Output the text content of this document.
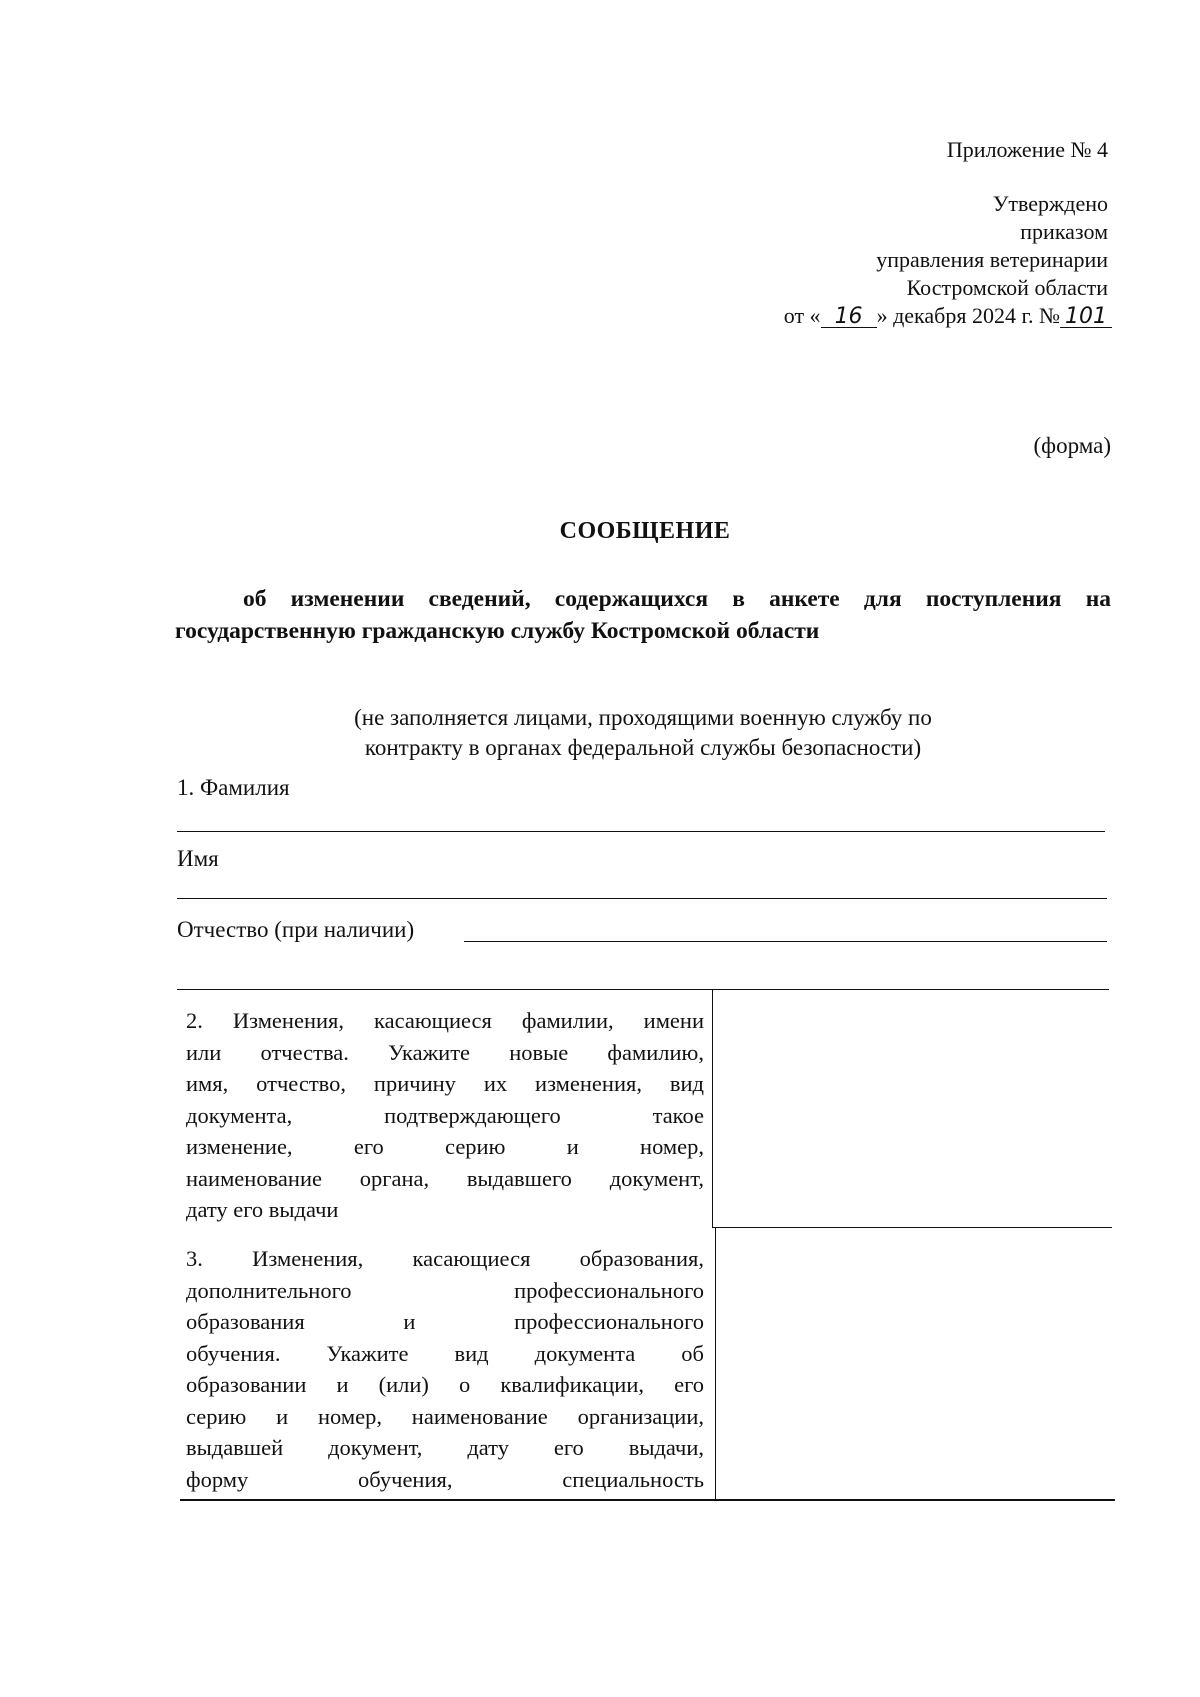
Приложение № 4
Утверждено
приказом
управления ветеринарии
Костромской области
от « 16 » декабря 2024 г. № 101
(форма)
СООБЩЕНИЕ
об изменении сведений, содержащихся в анкете для поступления на государственную гражданскую службу Костромской области
(не заполняется лицами, проходящими военную службу по
контракту в органах федеральной службы безопасности)
1. Фамилия
Имя
Отчество (при наличии)
2. Изменения, касающиеся фамилии, имени
или отчества. Укажите новые фамилию,
имя, отчество, причину их изменения, вид
документа, подтверждающего такое
изменение, его серию и номер,
наименование органа, выдавшего документ,
дату его выдачи
3. Изменения, касающиеся образования,
дополнительного профессионального
образования и профессионального
обучения. Укажите вид документа об
образовании и (или) о квалификации, его
серию и номер, наименование организации,
выдавшей документ, дату его выдачи,
форму обучения, специальность
